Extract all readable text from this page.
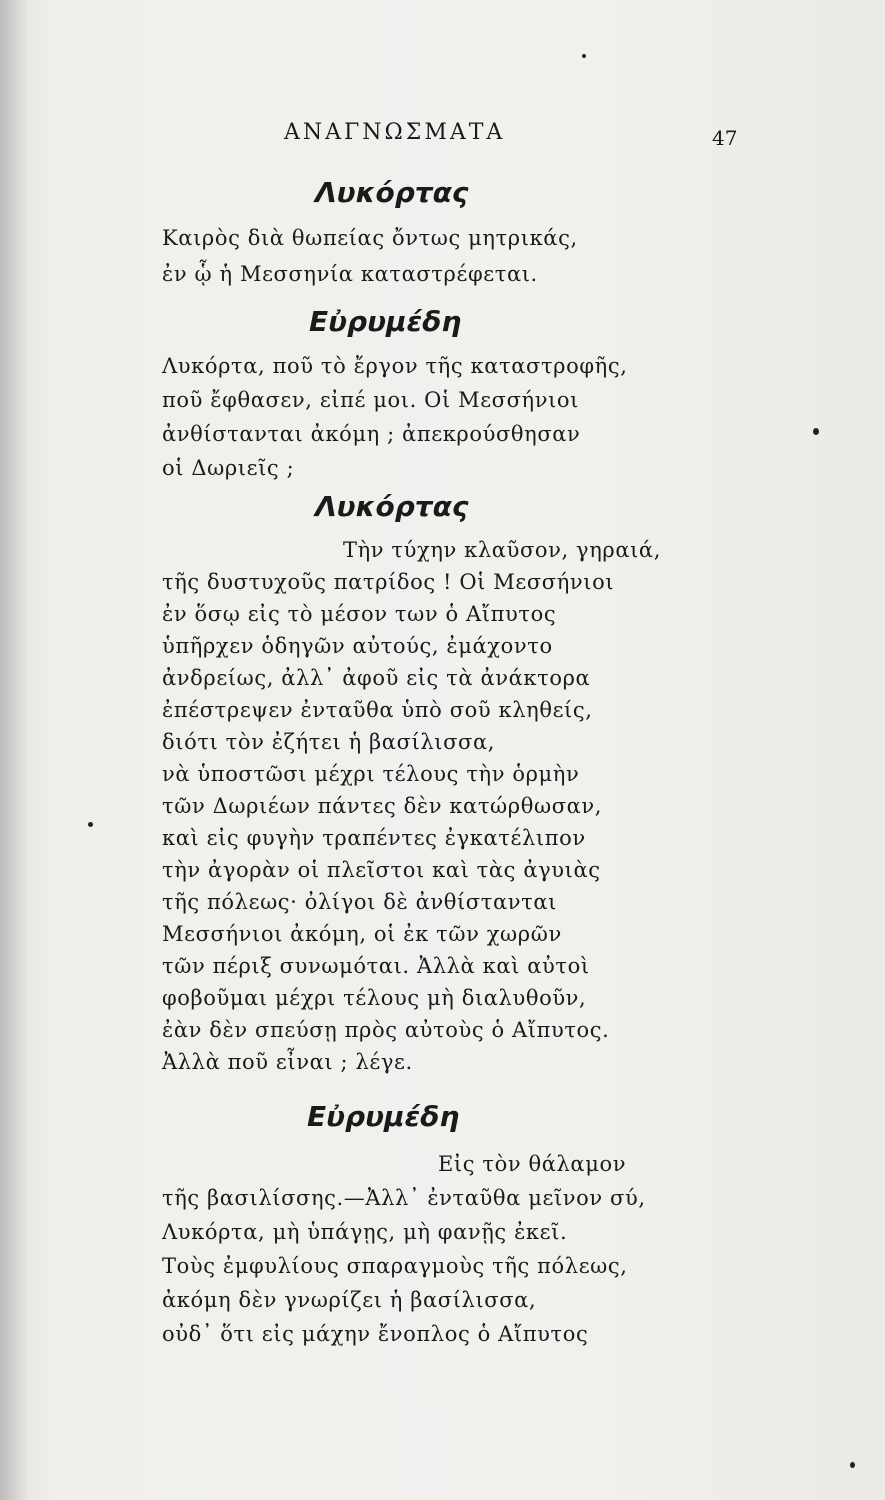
ΑΝΑΓΝΩΣΜΑΤΑ	47
Λυκόρτας
Καιρὸς διὰ θωπείας ὄντως μητρικάς,
ἐν ᾧ ἡ Μεσσηνία καταστρέφεται.
Εὐρυμέδη
Λυκόρτα, ποῦ τὸ ἔργον τῆς καταστροφῆς,
ποῦ ἔφθασεν, εἰπέ μοι. Οἱ Μεσσήνιοι
ἀνθίστανται ἀκόμη ; ἀπεκρούσθησαν
οἱ Δωριεῖς ;
Λυκόρτας
Τὴν τύχην κλαῦσον, γηραιά,
τῆς δυστυχοῦς πατρίδος ! Οἱ Μεσσήνιοι
ἐν ὅσῳ εἰς τὸ μέσον των ὁ Αἴπυτος
ὑπῆρχεν ὁδηγῶν αὐτούς, ἐμάχοντο
ἀνδρείως, ἀλλ᾽ ἀφοῦ εἰς τὰ ἀνάκτορα
ἐπέστρεψεν ἐνταῦθα ὑπὸ σοῦ κληθείς,
διότι τὸν ἐζήτει ἡ βασίλισσα,
νὰ ὑποστῶσι μέχρι τέλους τὴν ὁρμὴν
τῶν Δωριέων πάντες δὲν κατώρθωσαν,
καὶ εἰς φυγὴν τραπέντες ἐγκατέλιπον
τὴν ἀγορὰν οἱ πλεῖστοι καὶ τὰς ἀγυιὰς
τῆς πόλεως· ὀλίγοι δὲ ἀνθίστανται
Μεσσήνιοι ἀκόμη, οἱ ἐκ τῶν χωρῶν
τῶν πέριξ συνωμόται. Ἀλλὰ καὶ αὐτοὶ
φοβοῦμαι μέχρι τέλους μὴ διαλυθοῦν,
ἐὰν δὲν σπεύσῃ πρὸς αὐτοὺς ὁ Αἴπυτος.
Ἀλλὰ ποῦ εἶναι ; λέγε.
Εὐρυμέδη
Εἰς τὸν θάλαμον
τῆς βασιλίσσης.—Ἀλλ᾽ ἐνταῦθα μεῖνον σύ,
Λυκόρτα, μὴ ὑπάγῃς, μὴ φανῇς ἐκεῖ.
Τοὺς ἐμφυλίους σπαραγμοὺς τῆς πόλεως,
ἀκόμη δὲν γνωρίζει ἡ βασίλισσα,
οὐδ᾽ ὅτι εἰς μάχην ἔνοπλος ὁ Αἴπυτος
